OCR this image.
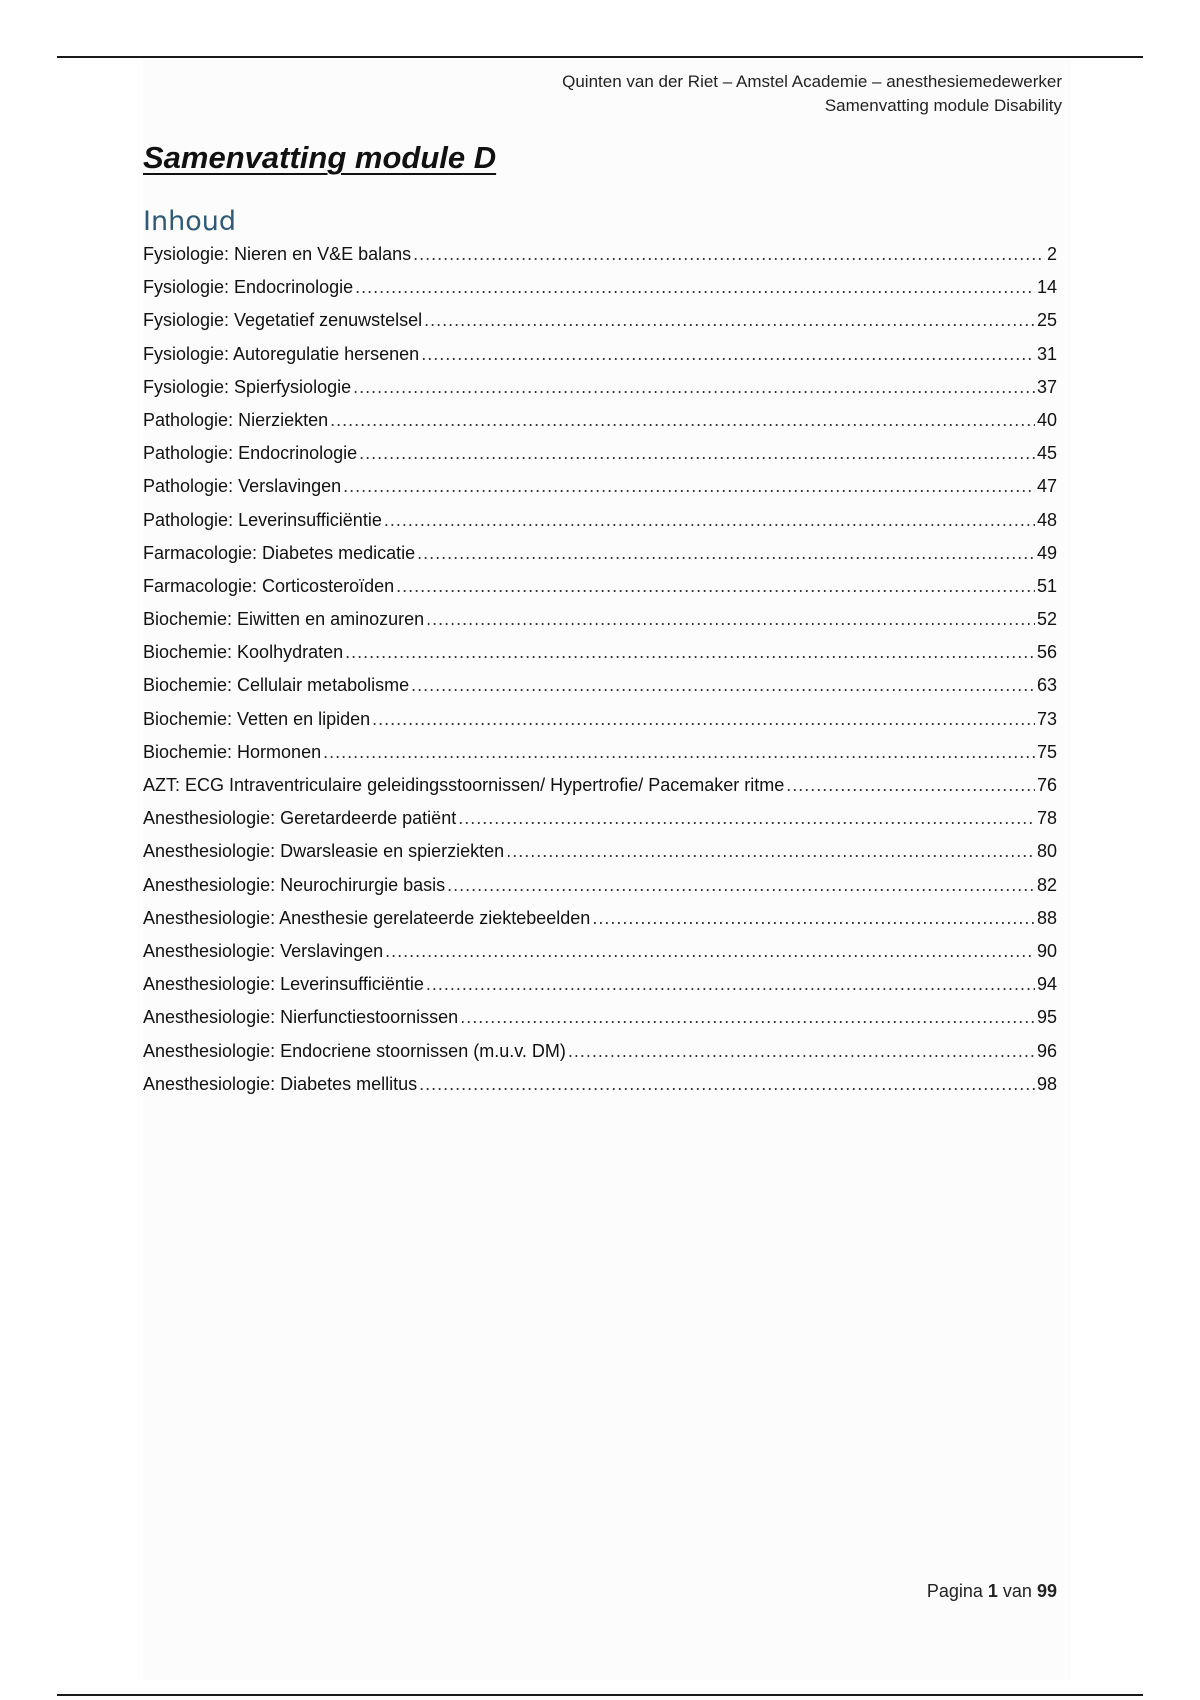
Quinten van der Riet – Amstel Academie – anesthesiemedewerker
Samenvatting module Disability
Samenvatting module D
Inhoud
Fysiologie: Nieren en V&E balans .....	2
Fysiologie: Endocrinologie .....	14
Fysiologie: Vegetatief zenuwstelsel .....	25
Fysiologie: Autoregulatie hersenen .....	31
Fysiologie: Spierfysiologie .....	37
Pathologie: Nierziekten .....	40
Pathologie: Endocrinologie .....	45
Pathologie: Verslavingen .....	47
Pathologie: Leverinsufficiëntie .....	48
Farmacologie: Diabetes medicatie .....	49
Farmacologie: Corticosteroïden .....	51
Biochemie: Eiwitten en aminozuren .....	52
Biochemie: Koolhydraten .....	56
Biochemie: Cellulair metabolisme .....	63
Biochemie: Vetten en lipiden .....	73
Biochemie: Hormonen .....	75
AZT: ECG Intraventriculaire geleidingsstoornissen/ Hypertrofie/ Pacemaker ritme .....	76
Anesthesiologie: Geretardeerde patiënt .....	78
Anesthesiologie: Dwarsleasie en spierziekten .....	80
Anesthesiologie: Neurochirurgie basis .....	82
Anesthesiologie: Anesthesie gerelateerde ziektebeelden .....	88
Anesthesiologie: Verslavingen .....	90
Anesthesiologie: Leverinsufficiëntie .....	94
Anesthesiologie: Nierfunctiestoornissen .....	95
Anesthesiologie: Endocriene stoornissen (m.u.v. DM) .....	96
Anesthesiologie: Diabetes mellitus .....	98
Pagina 1 van 99
